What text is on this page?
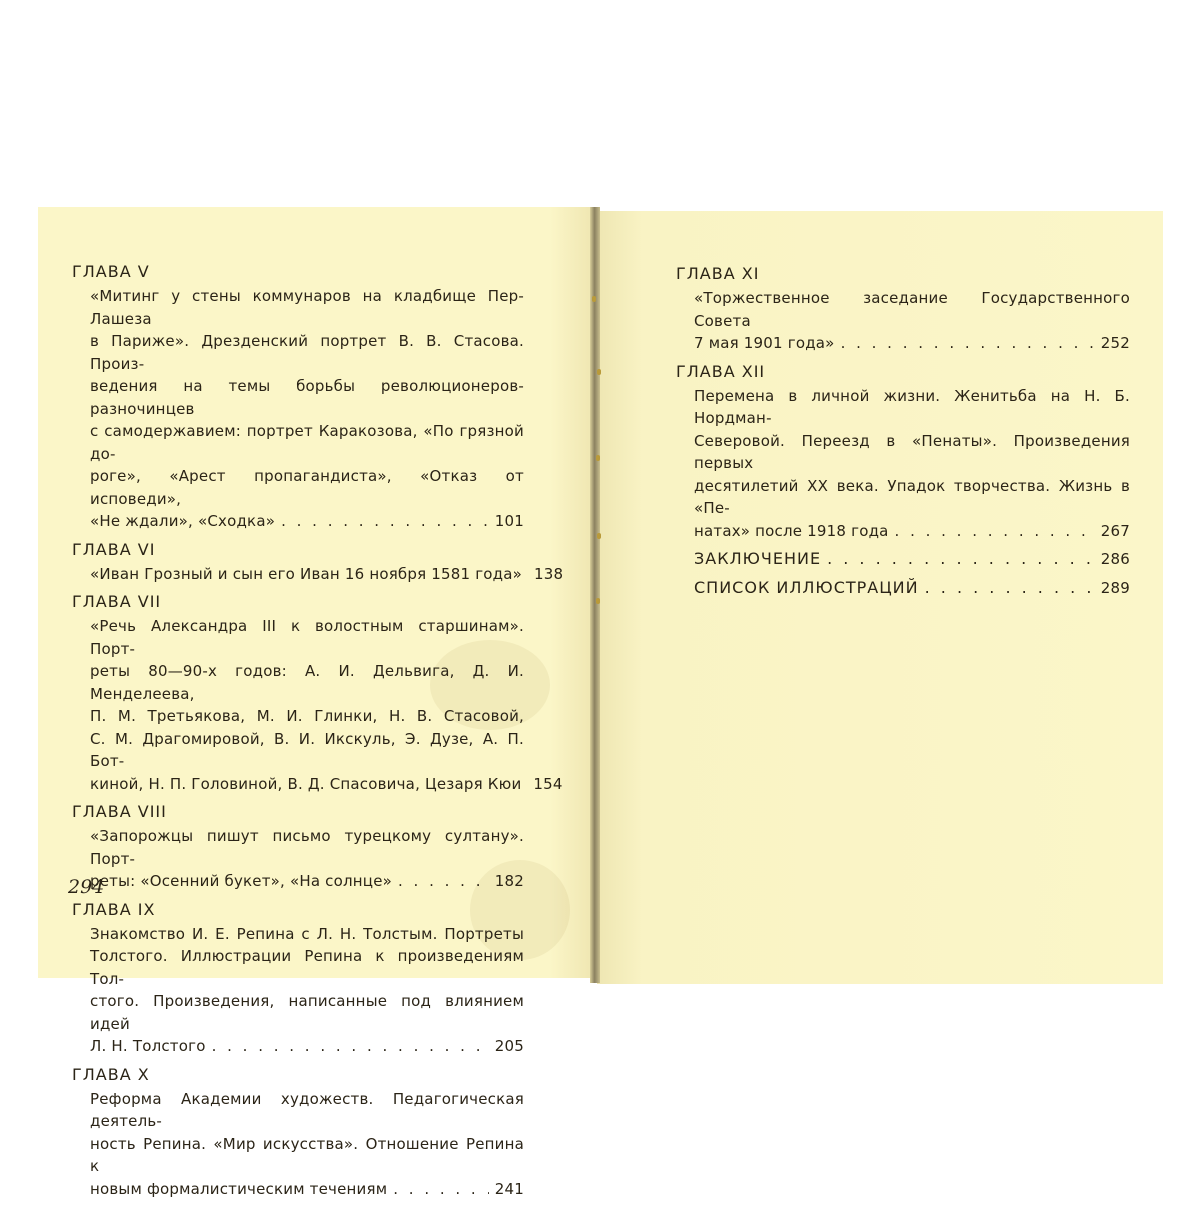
ГЛАВА V
«Митинг у стены коммунаров на кладбище Пер-Лашеза
в Париже». Дрезденский портрет В. В. Стасова. Произ-
ведения на темы борьбы революционеров-разночинцев
с самодержавием: портрет Каракозова, «По грязной до-
роге», «Арест пропагандиста», «Отказ от исповеди»,
«Не ждали», «Сходка» . . .	101
ГЛАВА VI
«Иван Грозный и сын его Иван 16 ноября 1581 года» 138
ГЛАВА VII
«Речь Александра III к волостным старшинам». Порт-
реты 80—90-х годов: А. И. Дельвига, Д. И. Менделеева,
П. М. Третьякова, М. И. Глинки, Н. В. Стасовой,
С. М. Драгомировой, В. И. Икскуль, Э. Дузе, А. П. Бот-
киной, Н. П. Головиной, В. Д. Спасовича, Цезаря Кюи 154
ГЛАВА VIII
«Запорожцы пишут письмо турецкому султану». Порт-
реты: «Осенний букет», «На солнце» . . .	182
ГЛАВА IX
Знакомство И. Е. Репина с Л. Н. Толстым. Портреты
Толстого. Иллюстрации Репина к произведениям Тол-
стого. Произведения, написанные под влиянием идей
Л. Н. Толстого . . .	205
ГЛАВА X
Реформа Академии художеств. Педагогическая деятель-
ность Репина. «Мир искусства». Отношение Репина к
новым формалистическим течениям . . .	241
294
ГЛАВА XI
«Торжественное заседание Государственного Совета
7 мая 1901 года» . . .	252
ГЛАВА XII
Перемена в личной жизни. Женитьба на Н. Б. Нордман-
Северовой. Переезд в «Пенаты». Произведения первых
десятилетий XX века. Упадок творчества. Жизнь в «Пе-
натах» после 1918 года . . .	267
ЗАКЛЮЧЕНИЕ . . .	286
СПИСОК ИЛЛЮСТРАЦИЙ . . .	289
